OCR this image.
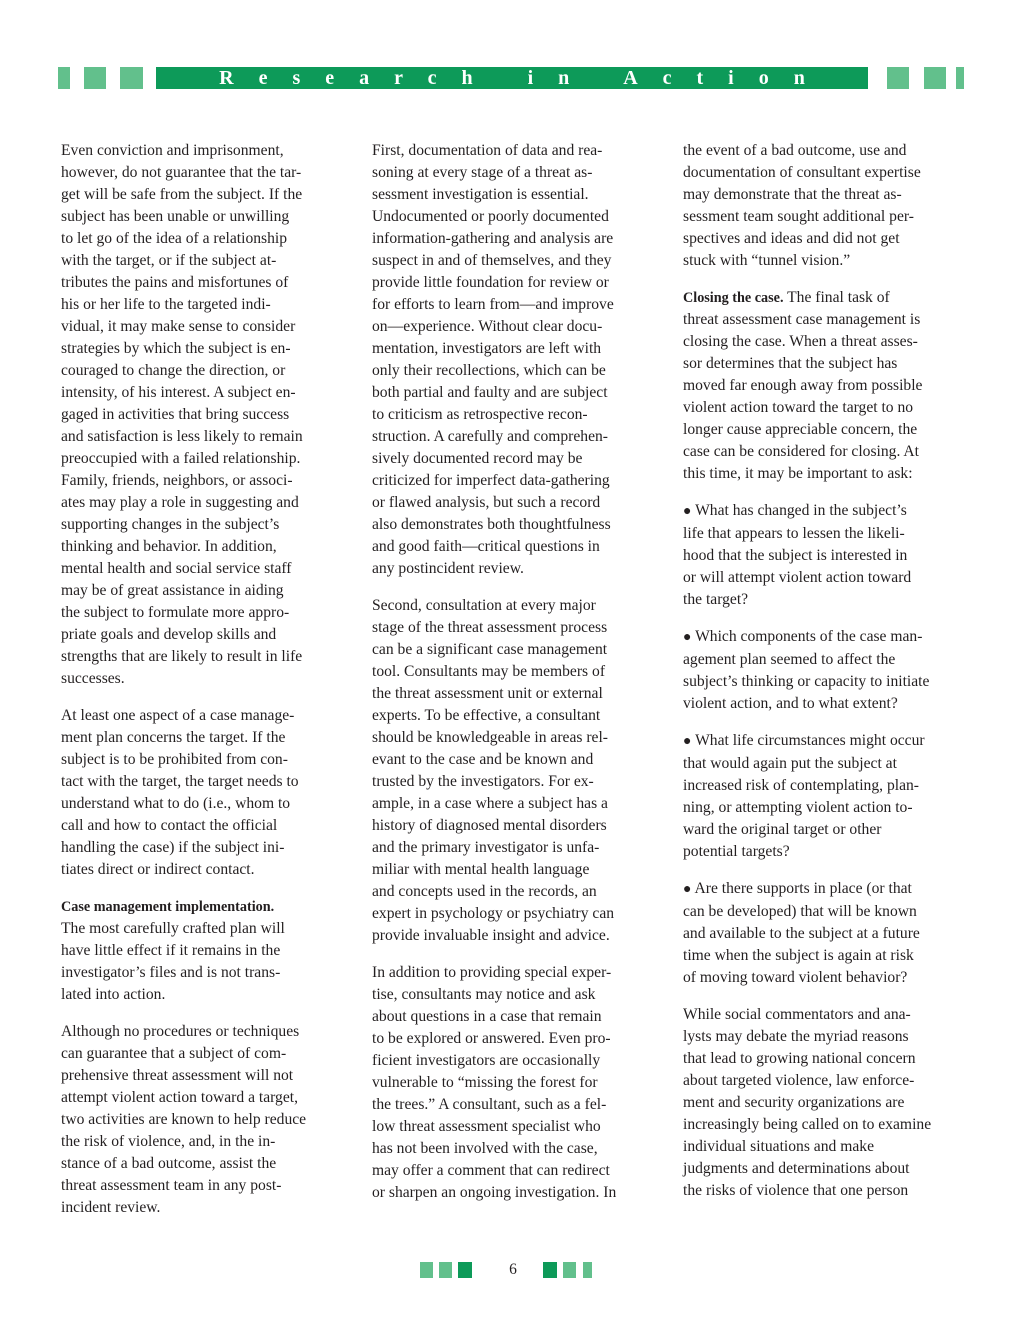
Research in Action

Even conviction and imprisonment,
however, do not guarantee that the tar-
get will be safe from the subject. If the
subject has been unable or unwilling
to let go of the idea of a relationship
with the target, or if the subject at-
tributes the pains and misfortunes of
his or her life to the targeted indi-
vidual, it may make sense to consider
strategies by which the subject is en-
couraged to change the direction, or
intensity, of his interest. A subject en-
gaged in activities that bring success
and satisfaction is less likely to remain
preoccupied with a failed relationship.
Family, friends, neighbors, or associ-
ates may play a role in suggesting and
supporting changes in the subject’s
thinking and behavior. In addition,
mental health and social service staff
may be of great assistance in aiding
the subject to formulate more appro-
priate goals and develop skills and
strengths that are likely to result in life
successes.

At least one aspect of a case manage-
ment plan concerns the target. If the
subject is to be prohibited from con-
tact with the target, the target needs to
understand what to do (i.e., whom to
call and how to contact the official
handling the case) if the subject ini-
tiates direct or indirect contact.

Case management implementation.
The most carefully crafted plan will
have little effect if it remains in the
investigator’s files and is not trans-
lated into action.

Although no procedures or techniques
can guarantee that a subject of com-
prehensive threat assessment will not
attempt violent action toward a target,
two activities are known to help reduce
the risk of violence, and, in the in-
stance of a bad outcome, assist the
threat assessment team in any post-
incident review.

First, documentation of data and rea-
soning at every stage of a threat as-
sessment investigation is essential.
Undocumented or poorly documented
information-gathering and analysis are
suspect in and of themselves, and they
provide little foundation for review or
for efforts to learn from—and improve
on—experience. Without clear docu-
mentation, investigators are left with
only their recollections, which can be
both partial and faulty and are subject
to criticism as retrospective recon-
struction. A carefully and comprehen-
sively documented record may be
criticized for imperfect data-gathering
or flawed analysis, but such a record
also demonstrates both thoughtfulness
and good faith—critical questions in
any postincident review.

Second, consultation at every major
stage of the threat assessment process
can be a significant case management
tool. Consultants may be members of
the threat assessment unit or external
experts. To be effective, a consultant
should be knowledgeable in areas rel-
evant to the case and be known and
trusted by the investigators. For ex-
ample, in a case where a subject has a
history of diagnosed mental disorders
and the primary investigator is unfa-
miliar with mental health language
and concepts used in the records, an
expert in psychology or psychiatry can
provide invaluable insight and advice.

In addition to providing special exper-
tise, consultants may notice and ask
about questions in a case that remain
to be explored or answered. Even pro-
ficient investigators are occasionally
vulnerable to “missing the forest for
the trees.” A consultant, such as a fel-
low threat assessment specialist who
has not been involved with the case,
may offer a comment that can redirect
or sharpen an ongoing investigation. In

the event of a bad outcome, use and
documentation of consultant expertise
may demonstrate that the threat as-
sessment team sought additional per-
spectives and ideas and did not get
stuck with “tunnel vision.”

Closing the case. The final task of
threat assessment case management is
closing the case. When a threat asses-
sor determines that the subject has
moved far enough away from possible
violent action toward the target to no
longer cause appreciable concern, the
case can be considered for closing. At
this time, it may be important to ask:

● What has changed in the subject’s
life that appears to lessen the likeli-
hood that the subject is interested in
or will attempt violent action toward
the target?

● Which components of the case man-
agement plan seemed to affect the
subject’s thinking or capacity to initiate
violent action, and to what extent?

● What life circumstances might occur
that would again put the subject at
increased risk of contemplating, plan-
ning, or attempting violent action to-
ward the original target or other
potential targets?

● Are there supports in place (or that
can be developed) that will be known
and available to the subject at a future
time when the subject is again at risk
of moving toward violent behavior?

While social commentators and ana-
lysts may debate the myriad reasons
that lead to growing national concern
about targeted violence, law enforce-
ment and security organizations are
increasingly being called on to examine
individual situations and make
judgments and determinations about
the risks of violence that one person

6
